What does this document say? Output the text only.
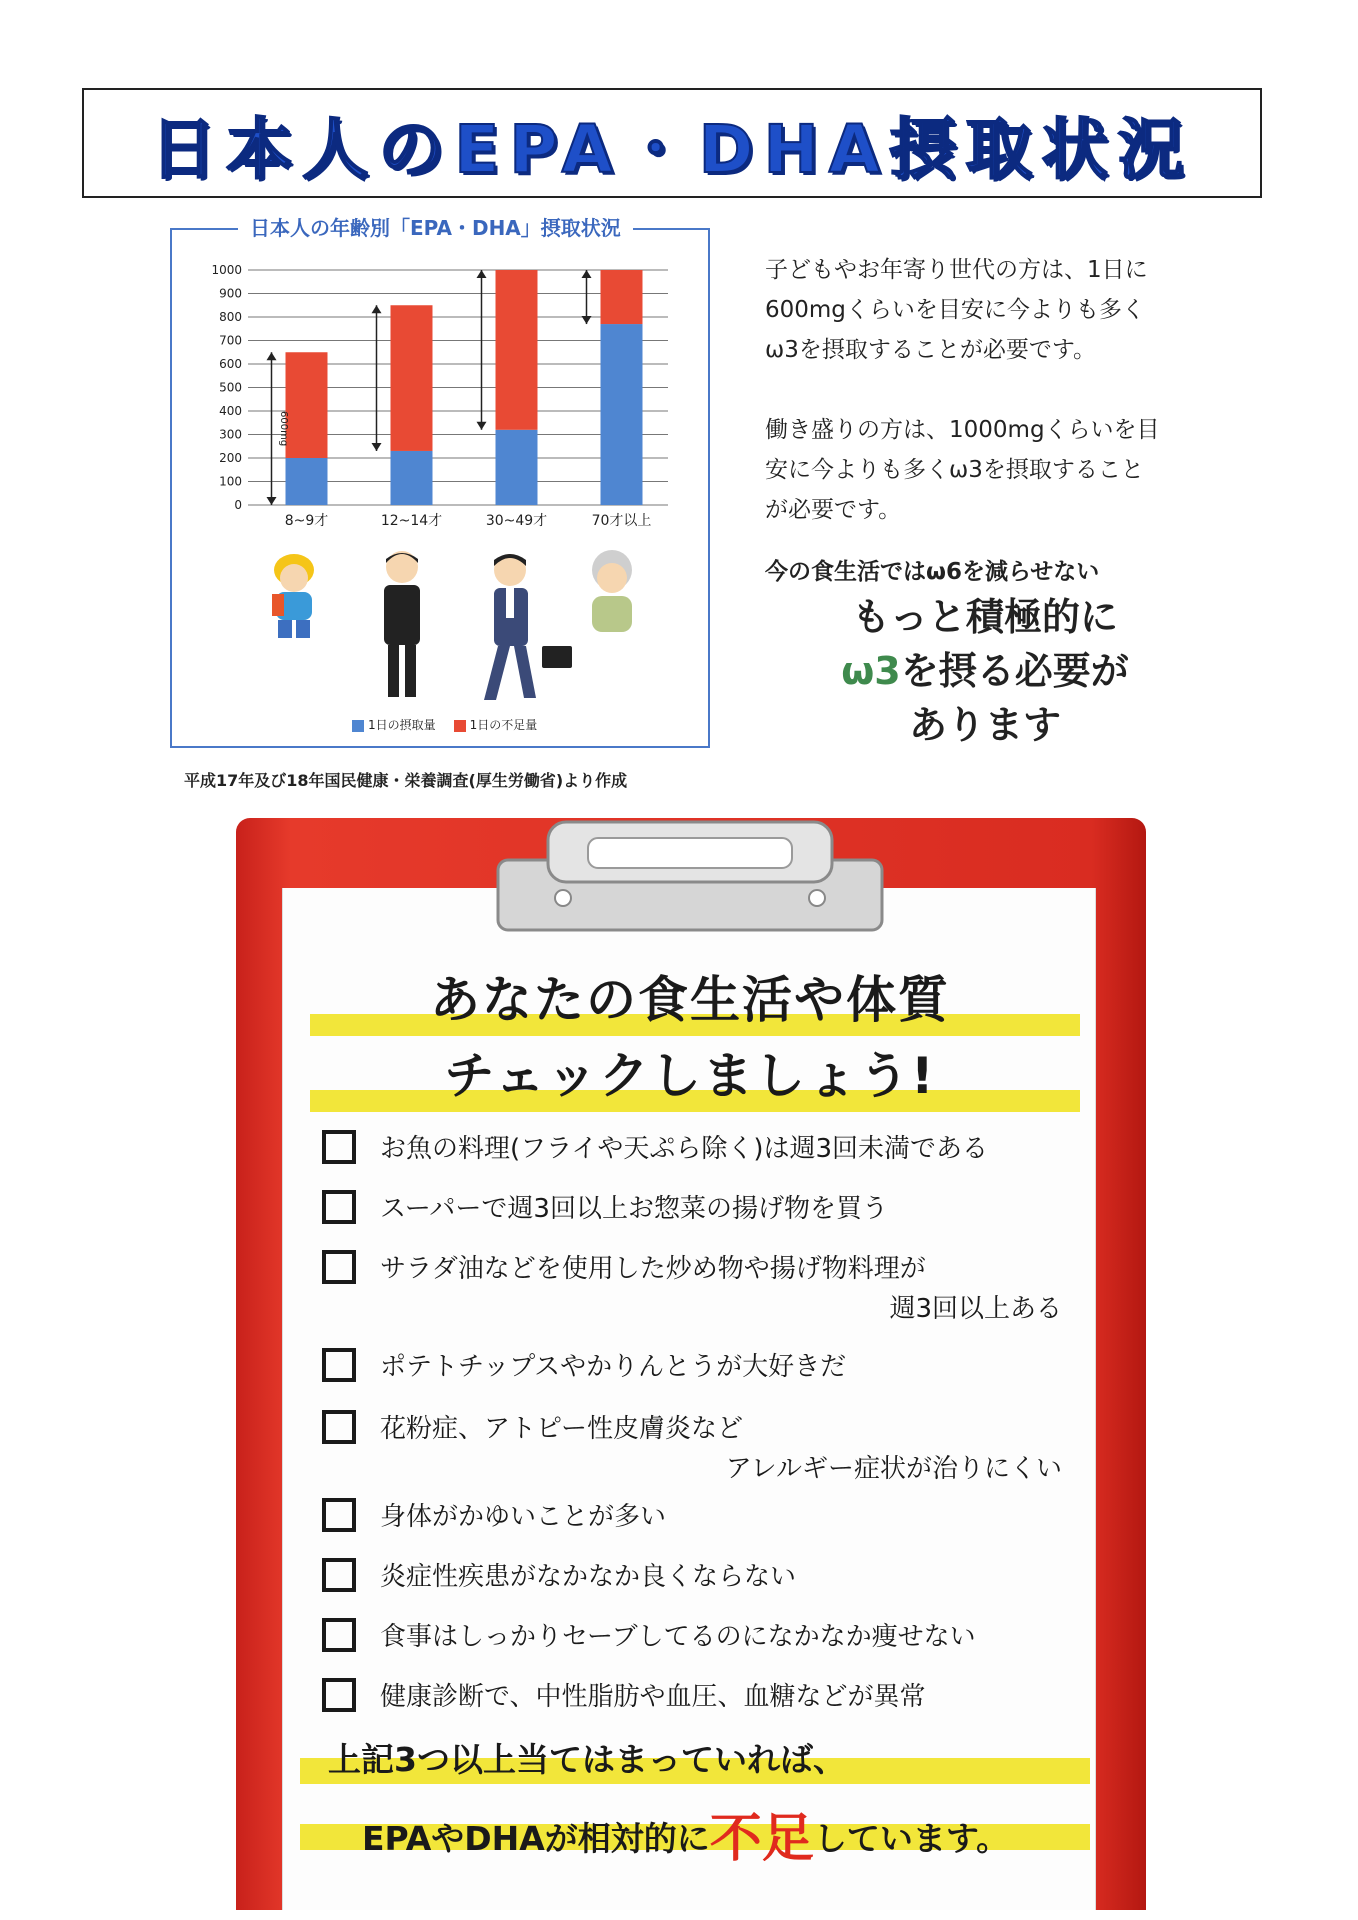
日本人のEPA・DHA摂取状況
日本人の年齢別「EPA・DHA」摂取状況
0
100
200
300
400
500
600
700
800
900
1000
8~9才	12~14才	30~49才	70才以上
600mg
1日の摂取量	1日の不足量
平成17年及び18年国民健康・栄養調査(厚生労働省)より作成

子どもやお年寄り世代の方は、1日に
600mgくらいを目安に今よりも多く
ω3を摂取することが必要です。

働き盛りの方は、1000mgくらいを目
安に今よりも多くω3を摂取すること
が必要です。

今の食生活ではω6を減らせない

もっと積極的に
ω3を摂る必要が
あります
あなたの食生活や体質
チェックしましょう!
お魚の料理(フライや天ぷら除く)は週3回未満である
スーパーで週3回以上お惣菜の揚げ物を買う
サラダ油などを使用した炒め物や揚げ物料理が
週3回以上ある
ポテトチップスやかりんとうが大好きだ
花粉症、アトピー性皮膚炎など
アレルギー症状が治りにくい
身体がかゆいことが多い
炎症性疾患がなかなか良くならない
食事はしっかりセーブしてるのになかなか痩せない
健康診断で、中性脂肪や血圧、血糖などが異常
上記3つ以上当てはまっていれば、
EPAやDHAが相対的に不足しています。
